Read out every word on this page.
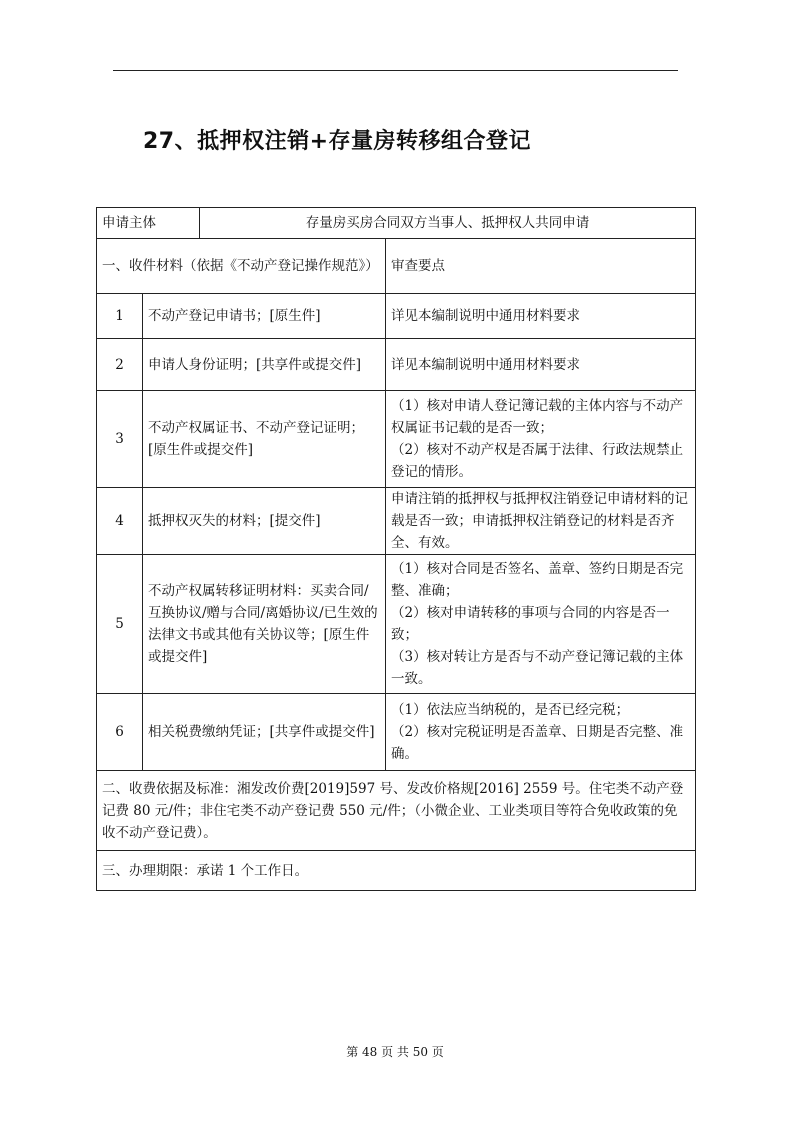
27、抵押权注销+存量房转移组合登记
申请主体		存量房买房合同双方当事人、抵押权人共同申请	
一、收件材料（依据《不动产登记操作规范》）			审查要点
1	不动产登记申请书；[原生件]		详见本编制说明中通用材料要求
2	申请人身份证明；[共享件或提交件]		详见本编制说明中通用材料要求
3	不动产权属证书、不动产登记证明；[原生件或提交件]		（1）核对申请人登记簿记载的主体内容与不动产权属证书记载的是否一致；
（2）核对不动产权是否属于法律、行政法规禁止登记的情形。

4	抵押权灭失的材料；[提交件]		申请注销的抵押权与抵押权注销登记申请材料的记载是否一致；申请抵押权注销登记的材料是否齐全、有效。
5	不动产权属转移证明材料：买卖合同/互换协议/赠与合同/离婚协议/已生效的法律文书或其他有关协议等；[原生件或提交件]		（1）核对合同是否签名、盖章、签约日期是否完整、准确；
（2）核对申请转移的事项与合同的内容是否一致；
（3）核对转让方是否与不动产登记簿记载的主体一致。

6	相关税费缴纳凭证；[共享件或提交件]		（1）依法应当纳税的，是否已经完税；
（2）核对完税证明是否盖章、日期是否完整、准确。

二、收费依据及标准：湘发改价费[2019]597 号、发改价格规[2016] 2559 号。住宅类不动产登记费 80 元/件；非住宅类不动产登记费 550 元/件；（小微企业、工业类项目等符合免收政策的免收不动产登记费）。			
三、办理期限：承诺 1 个工作日。			
第 48 页 共 50 页
